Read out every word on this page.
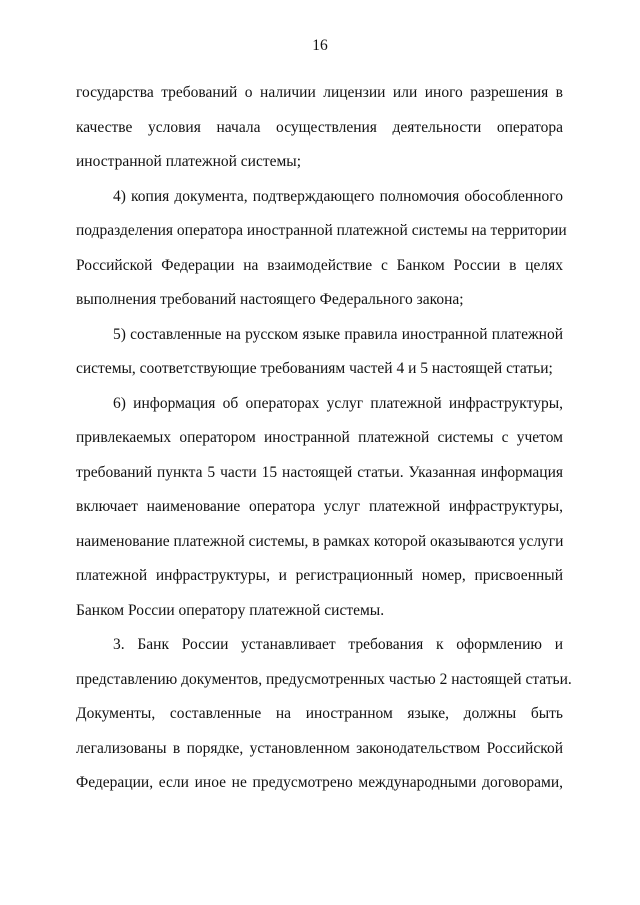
16
государства требований о наличии лицензии или иного разрешения в
качестве условия начала осуществления деятельности оператора
иностранной платежной системы;
4) копия документа, подтверждающего полномочия обособленного
подразделения оператора иностранной платежной системы на территории
Российской Федерации на взаимодействие с Банком России в целях
выполнения требований настоящего Федерального закона;
5) составленные на русском языке правила иностранной платежной
системы, соответствующие требованиям частей 4 и 5 настоящей статьи;
6) информация об операторах услуг платежной инфраструктуры,
привлекаемых оператором иностранной платежной системы с учетом
требований пункта 5 части 15 настоящей статьи. Указанная информация
включает наименование оператора услуг платежной инфраструктуры,
наименование платежной системы, в рамках которой оказываются услуги
платежной инфраструктуры, и регистрационный номер, присвоенный
Банком России оператору платежной системы.
3. Банк России устанавливает требования к оформлению и
представлению документов, предусмотренных частью 2 настоящей статьи.
Документы, составленные на иностранном языке, должны быть
легализованы в порядке, установленном законодательством Российской
Федерации, если иное не предусмотрено международными договорами,
